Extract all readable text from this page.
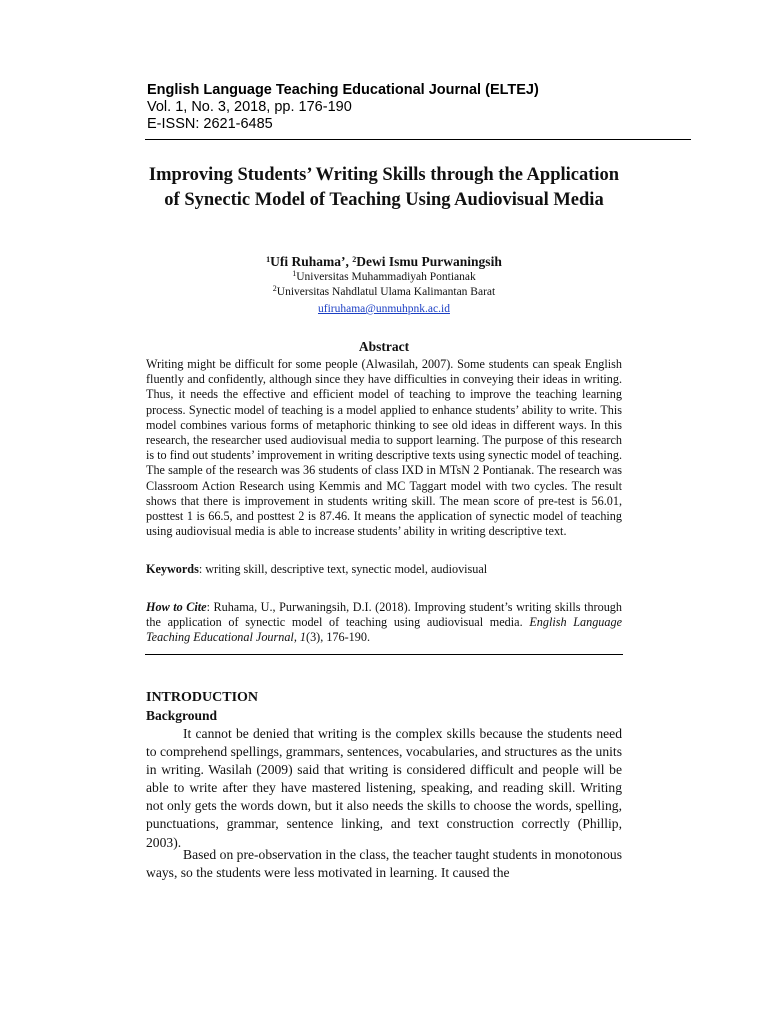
English Language Teaching Educational Journal (ELTEJ)
Vol. 1, No. 3, 2018, pp. 176-190
E-ISSN: 2621-6485
Improving Students’ Writing Skills through the Application of Synectic Model of Teaching Using Audiovisual Media
$^1$Ufi Ruhama’, $^2$Dewi Ismu Purwaningsih
$^1$Universitas Muhammadiyah Pontianak
$^2$Universitas Nahdlatul Ulama Kalimantan Barat
ufiruhama@unmuhpnk.ac.id
Abstract

Writing might be difficult for some people (Alwasilah, 2007). Some students can speak English fluently and confidently, although since they have difficulties in conveying their ideas in writing. Thus, it needs the effective and efficient model of teaching to improve the teaching learning process. Synectic model of teaching is a model applied to enhance students’ ability to write. This model combines various forms of metaphoric thinking to see old ideas in different ways. In this research, the researcher used audiovisual media to support learning. The purpose of this research is to find out students’ improvement in writing descriptive texts using synectic model of teaching. The sample of the research was 36 students of class IXD in MTsN 2 Pontianak. The research was Classroom Action Research using Kemmis and MC Taggart model with two cycles. The result shows that there is improvement in students writing skill. The mean score of pre-test is 56.01, posttest 1 is 66.5, and posttest 2 is 87.46. It means the application of synectic model of teaching using audiovisual media is able to increase students’ ability in writing descriptive text.

Keywords: writing skill, descriptive text, synectic model, audiovisual
How to Cite: Ruhama, U., Purwaningsih, D.I. (2018). Improving student’s writing skills through the application of synectic model of teaching using audiovisual media. English Language Teaching Educational Journal, 1(3), 176-190.
INTRODUCTION
Background

It cannot be denied that writing is the complex skills because the students need to comprehend spellings, grammars, sentences, vocabularies, and structures as the units in writing. Wasilah (2009) said that writing is considered difficult and people will be able to write after they have mastered listening, speaking, and reading skill. Writing not only gets the words down, but it also needs the skills to choose the words, spelling, punctuations, grammar, sentence linking, and text construction correctly (Phillip, 2003).

Based on pre-observation in the class, the teacher taught students in monotonous ways, so the students were less motivated in learning. It caused the
